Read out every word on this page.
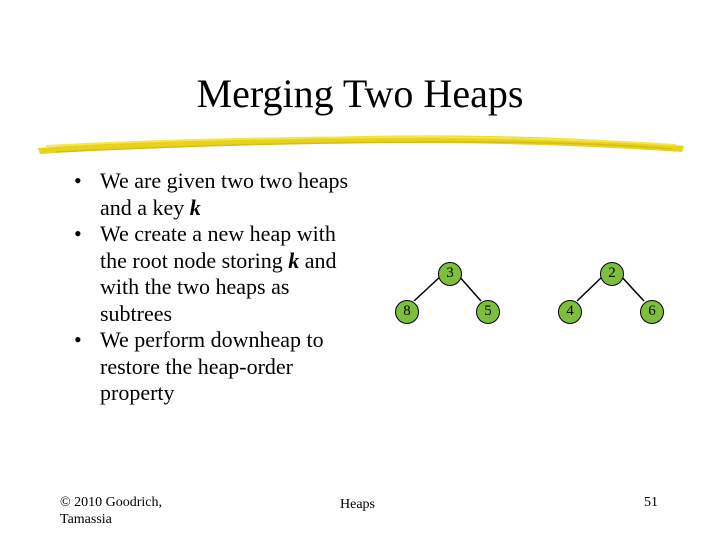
Merging Two Heaps
• We are given two two heaps and a key k
• We create a new heap with the root node storing k and with the two heaps as subtrees
• We perform downheap to restore the heap-order property
3
8	5
2
4	6
© 2010 Goodrich, Tamassia
Heaps	51
